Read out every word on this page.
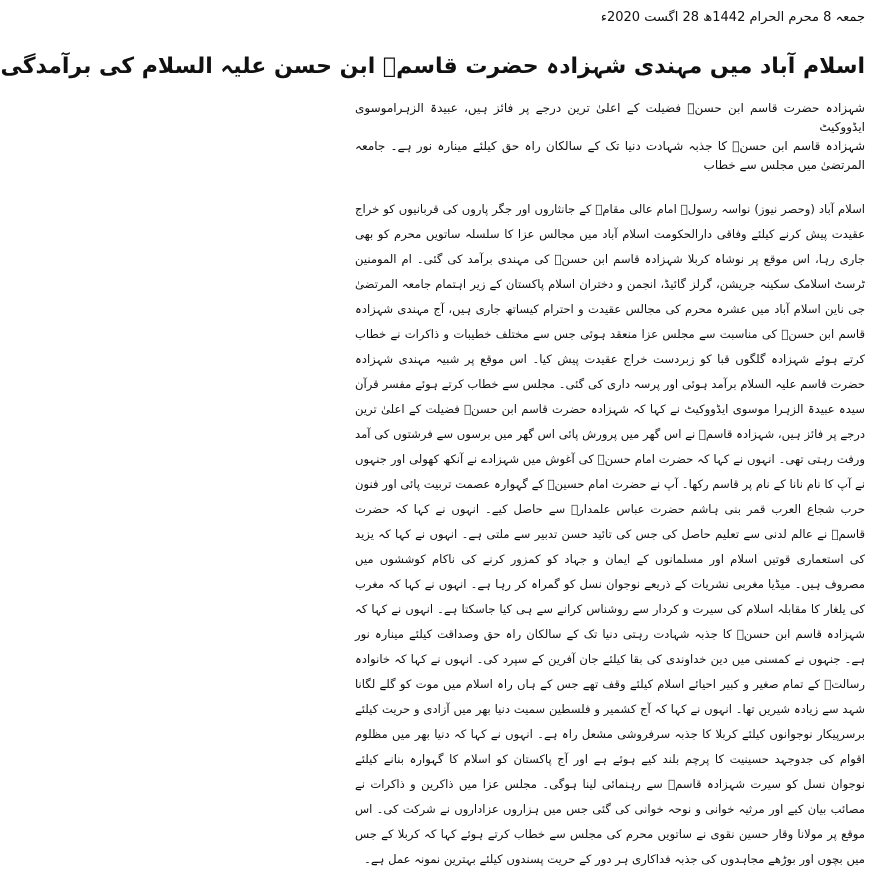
جمعہ 8 محرم الحرام 1442ھ 28 اگست 2020ء
اسلام آباد میں مہندی شہزادہ حضرت قاسمؑ ابن حسن علیہ السلام کی برآمدگی

شہزادہ حضرت قاسم ابن حسنؑ فضیلت کے اعلیٰ ترین درجے پر فائز ہیں، عبیدۃ الزہراموسوی ایڈووکیٹ

شہزادہ قاسم ابن حسنؑ کا جذبہ شہادت دنیا تک کے سالکان راہ حق کیلئے مینارہ نور ہے۔ جامعہ المرتضیٰ میں مجلس سے خطاب

اسلام آباد (وحصر نیوز) نواسہ رسولؐ امام عالی مقامؑ کے جانثاروں اور جگر پاروں کی قربانیوں کو خراج عقیدت پیش کرنے کیلئے وفاقی دارالحکومت اسلام آباد میں مجالس عزا کا سلسلہ ساتویں محرم کو بھی جاری رہا، اس موقع پر نوشاہ کربلا شہزادہ قاسم ابن حسنؑ کی مہندی برآمد کی گئی۔ ام المومنین ٹرسٹ اسلامک سکینہ جریشن، گرلز گائیڈ، انجمن و دختران اسلام پاکستان کے زیر اہتمام جامعہ المرتضیٰ جی ناین اسلام آباد میں عشرہ محرم کی مجالس عقیدت و احترام کیساتھ جاری ہیں، آج مہندی شہزادہ قاسم ابن حسنؑ کی مناسبت سے مجلس عزا منعقد ہوئی جس سے مختلف خطیبات و ذاکرات نے خطاب کرتے ہوئے شہزادہ گلگوں قبا کو زبردست خراج عقیدت پیش کیا۔ اس موقع پر شبیہ مہندی شہزادہ حضرت قاسم علیہ السلام برآمد ہوئی اور پرسہ داری کی گئی۔ مجلس سے خطاب کرتے ہوئے مفسر قرآن سیدہ عبیدۃ الزہرا موسوی ایڈووکیٹ نے کہا کہ شہزادہ حضرت قاسم ابن حسنؑ فضیلت کے اعلیٰ ترین درجے پر فائز ہیں، شہزادہ قاسمؑ نے اس گھر میں پرورش پائی اس گھر میں برسوں سے فرشتوں کی آمد ورفت رہتی تھی۔ انہوں نے کہا کہ حضرت امام حسنؑ کی آغوش میں شہزادے نے آنکھ کھولی اور جنہوں نے آپ کا نام نانا کے نام پر قاسم رکھا۔ آپ نے حضرت امام حسینؑ کے گہوارہ عصمت تربیت پائی اور فنون حرب شجاع العرب قمر بنی ہاشم حضرت عباس علمدارؑ سے حاصل کیے۔ انہوں نے کہا کہ حضرت قاسمؑ نے عالم لدنی سے تعلیم حاصل کی جس کی تائید حسن تدبیر سے ملتی ہے۔ انہوں نے کہا کہ یزید کی استعماری قوتیں اسلام اور مسلمانوں کے ایمان و جہاد کو کمزور کرنے کی ناکام کوششوں میں مصروف ہیں۔ میڈیا مغربی نشریات کے ذریعے نوجوان نسل کو گمراہ کر رہا ہے۔ انہوں نے کہا کہ مغرب کی یلغار کا مقابلہ اسلام کی سیرت و کردار سے روشناس کرانے سے ہی کیا جاسکتا ہے۔ انہوں نے کہا کہ شہزادہ قاسم ابن حسنؑ کا جذبہ شہادت رہتی دنیا تک کے سالکان راہ حق وصداقت کیلئے مینارہ نور ہے۔ جنہوں نے کمسنی میں دین خداوندی کی بقا کیلئے جان آفرین کے سپرد کی۔ انہوں نے کہا کہ خانوادہ رسالتؐ کے تمام صغیر و کبیر احیائے اسلام کیلئے وقف تھے جس کے ہاں راہ اسلام میں موت کو گلے لگانا شہد سے زیادہ شیریں تھا۔ انہوں نے کہا کہ آج کشمیر و فلسطین سمیت دنیا بھر میں آزادی و حریت کیلئے برسرپیکار نوجوانوں کیلئے کربلا کا جذبہ سرفروشی مشعل راہ ہے۔ انہوں نے کہا کہ دنیا بھر میں مظلوم اقوام کی جدوجہد حسینیت کا پرچم بلند کیے ہوئے ہے اور آج پاکستان کو اسلام کا گہوارہ بنانے کیلئے نوجوان نسل کو سیرت شہزادہ قاسمؑ سے رہنمائی لینا ہوگی۔ مجلس عزا میں ذاکرین و ذاکرات نے مصائب بیان کیے اور مرثیہ خوانی و نوحہ خوانی کی گئی جس میں ہزاروں عزاداروں نے شرکت کی۔ اس موقع پر مولانا وقار حسین نقوی نے ساتویں محرم کی مجلس سے خطاب کرتے ہوئے کہا کہ کربلا کے جس میں بچوں اور بوڑھے مجاہدوں کی جذبہ فداکاری ہر دور کے حریت پسندوں کیلئے بہترین نمونہ عمل ہے۔
